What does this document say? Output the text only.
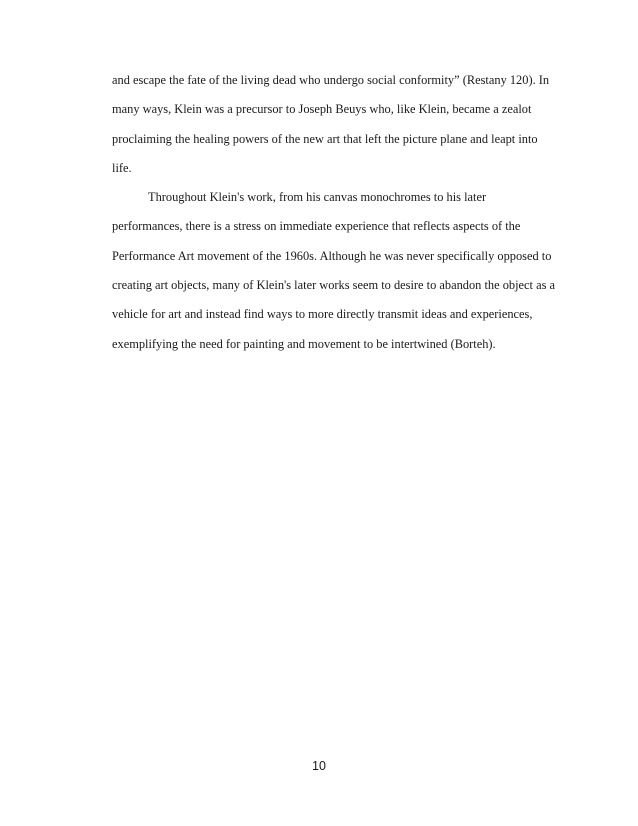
and escape the fate of the living dead who undergo social conformity” (Restany 120). In
many ways, Klein was a precursor to Joseph Beuys who, like Klein, became a zealot
proclaiming the healing powers of the new art that left the picture plane and leapt into
life.
Throughout Klein's work, from his canvas monochromes to his later
performances, there is a stress on immediate experience that reflects aspects of the
Performance Art movement of the 1960s. Although he was never specifically opposed to
creating art objects, many of Klein's later works seem to desire to abandon the object as a
vehicle for art and instead find ways to more directly transmit ideas and experiences,
exemplifying the need for painting and movement to be intertwined (Borteh).
10
